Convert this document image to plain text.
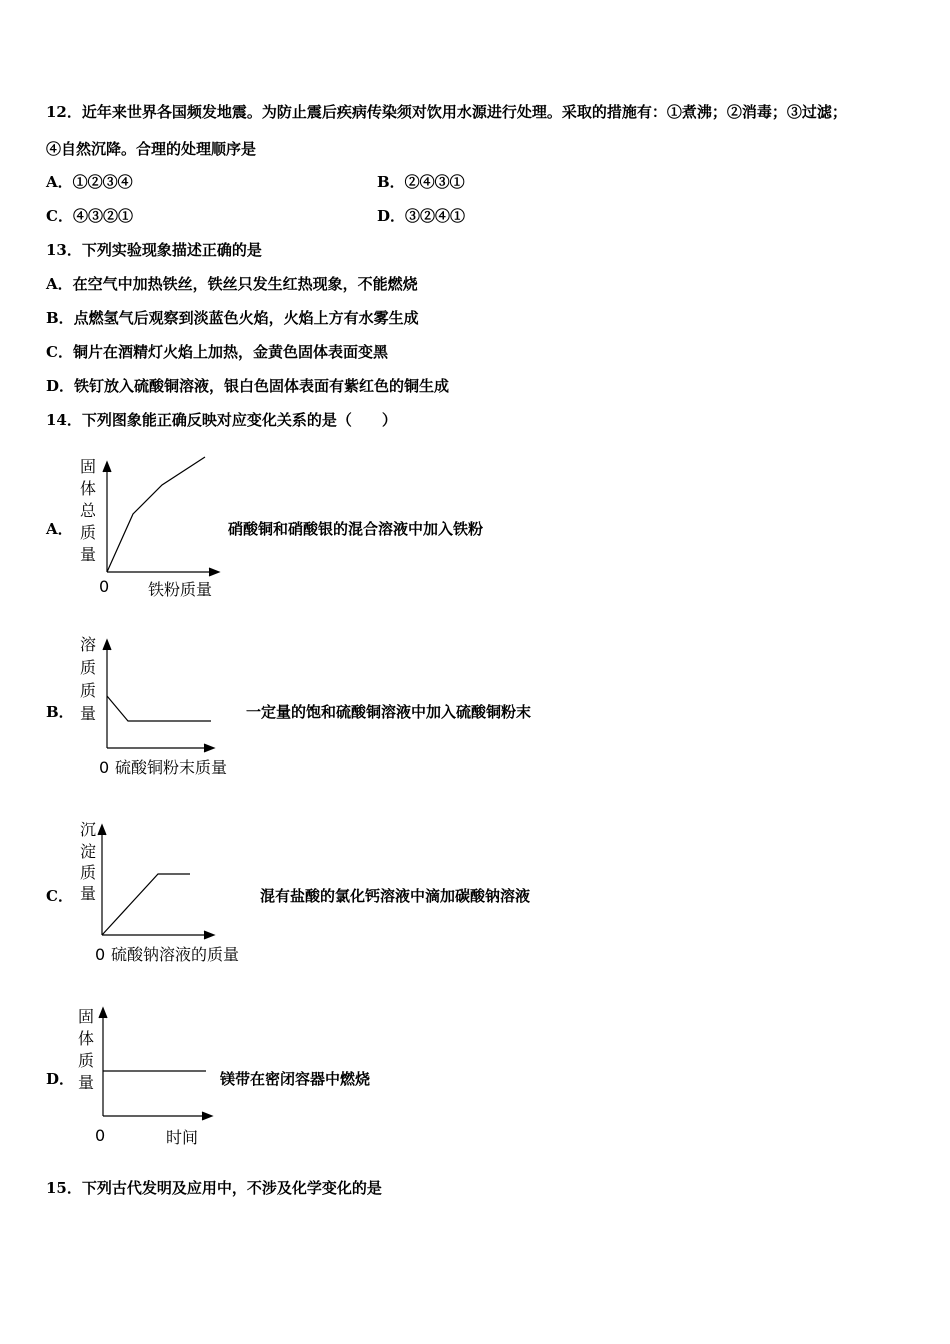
12．近年来世界各国频发地震。为防止震后疾病传染须对饮用水源进行处理。采取的措施有：①煮沸；②消毒；③过滤；
④自然沉降。合理的处理顺序是
A．①②③④	B．②④③①
C．④③②①	D．③②④①
13．下列实验现象描述正确的是
A．在空气中加热铁丝，铁丝只发生红热现象，不能燃烧
B．点燃氢气后观察到淡蓝色火焰，火焰上方有水雾生成
C．铜片在酒精灯火焰上加热，金黄色固体表面变黑
D．铁钉放入硫酸铜溶液，银白色固体表面有紫红色的铜生成
14．下列图象能正确反映对应变化关系的是（　　）
A．
固
体
总
质
量
0 铁粉质量
硝酸铜和硝酸银的混合溶液中加入铁粉
B．
溶
质
质
量
0 硫酸铜粉末质量
一定量的饱和硫酸铜溶液中加入硫酸铜粉末
C．
沉
淀
质
量
0 硫酸钠溶液的质量
混有盐酸的氯化钙溶液中滴加碳酸钠溶液
D．
固
体
质
量
0	时间
镁带在密闭容器中燃烧
15．下列古代发明及应用中，不涉及化学变化的是
